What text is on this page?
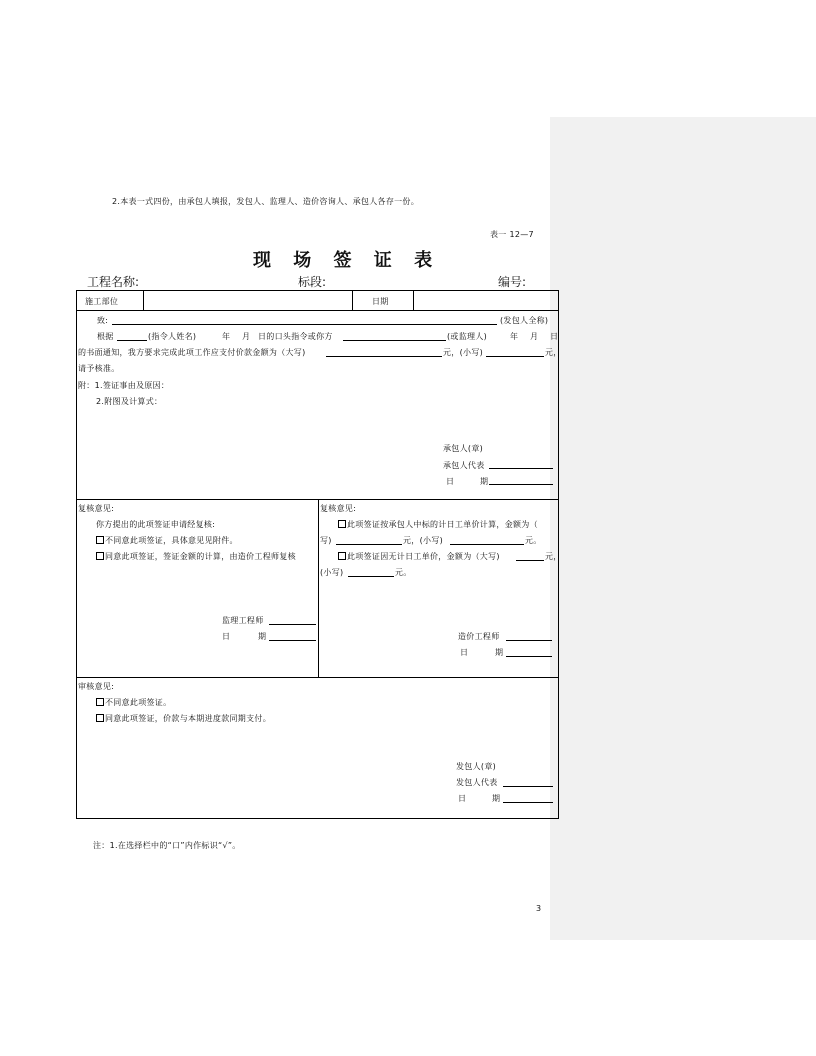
2.本表一式四份，由承包人填报，发包人、监理人、造价咨询人、承包人各存一份。
表一 12—7
现 场 签 证 表
工程名称:	标段:	编号:
施工部位	日期
致:	(发包人全称)
根据	(指令人姓名)	年 月 日的口头指令或你方	(或监理人)	年 月 日
的书面通知，我方要求完成此项工作应支付价款金额为（大写)	元，(小写)	元，
请予核准。
附：1.签证事由及原因：
2.附图及计算式：
承包人(章)
承包人代表
日	期
复核意见:
你方提出的此项签证申请经复核:
不同意此项签证，具体意见见附件。
同意此项签证，签证金额的计算，由造价工程师复核
监理工程师
日	期
复核意见:
此项签证按承包人中标的计日工单价计算，金额为（
写)	元，(小写)	元。
此项签证因无计日工单价，金额为（大写)	元，
(小写)	元。
造价工程师
日	期
审核意见:
不同意此项签证。
同意此项签证，价款与本期进度款同期支付。
发包人(章)
发包人代表
日	期
注：1.在选择栏中的“口”内作标识“√”。
3
